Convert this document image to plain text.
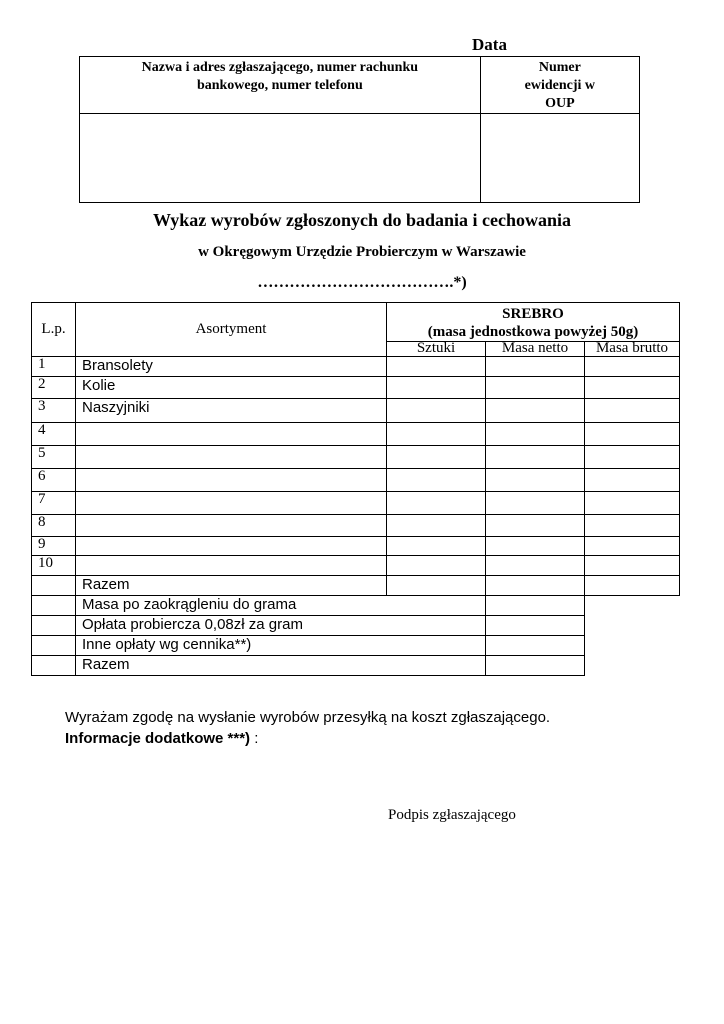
Data
Nazwa i adres zgłaszającego, numer rachunku bankowego, numer telefonu	Numer ewidencji w OUP

Wykaz wyrobów zgłoszonych do badania i cechowania
w Okręgowym Urzędzie Probierczym w Warszawie
……………………………….*)
L.p.	Asortyment	SREBRO
(masa jednostkowa powyżej 50g)		

		Sztuki	Masa netto	Masa brutto
1	Bransolety			
2	Kolie			
3	Naszyjniki			
4				
5				
6				
7				
8				
9				
10				
	Razem			
	Masa po zaokrągleniu do grama			
	Opłata probiercza 0,08zł za gram			
	Inne opłaty wg cennika**)			
	Razem			
Wyrażam zgodę na wysłanie wyrobów przesyłką na koszt zgłaszającego.
Informacje dodatkowe ***) :
Podpis zgłaszającego
